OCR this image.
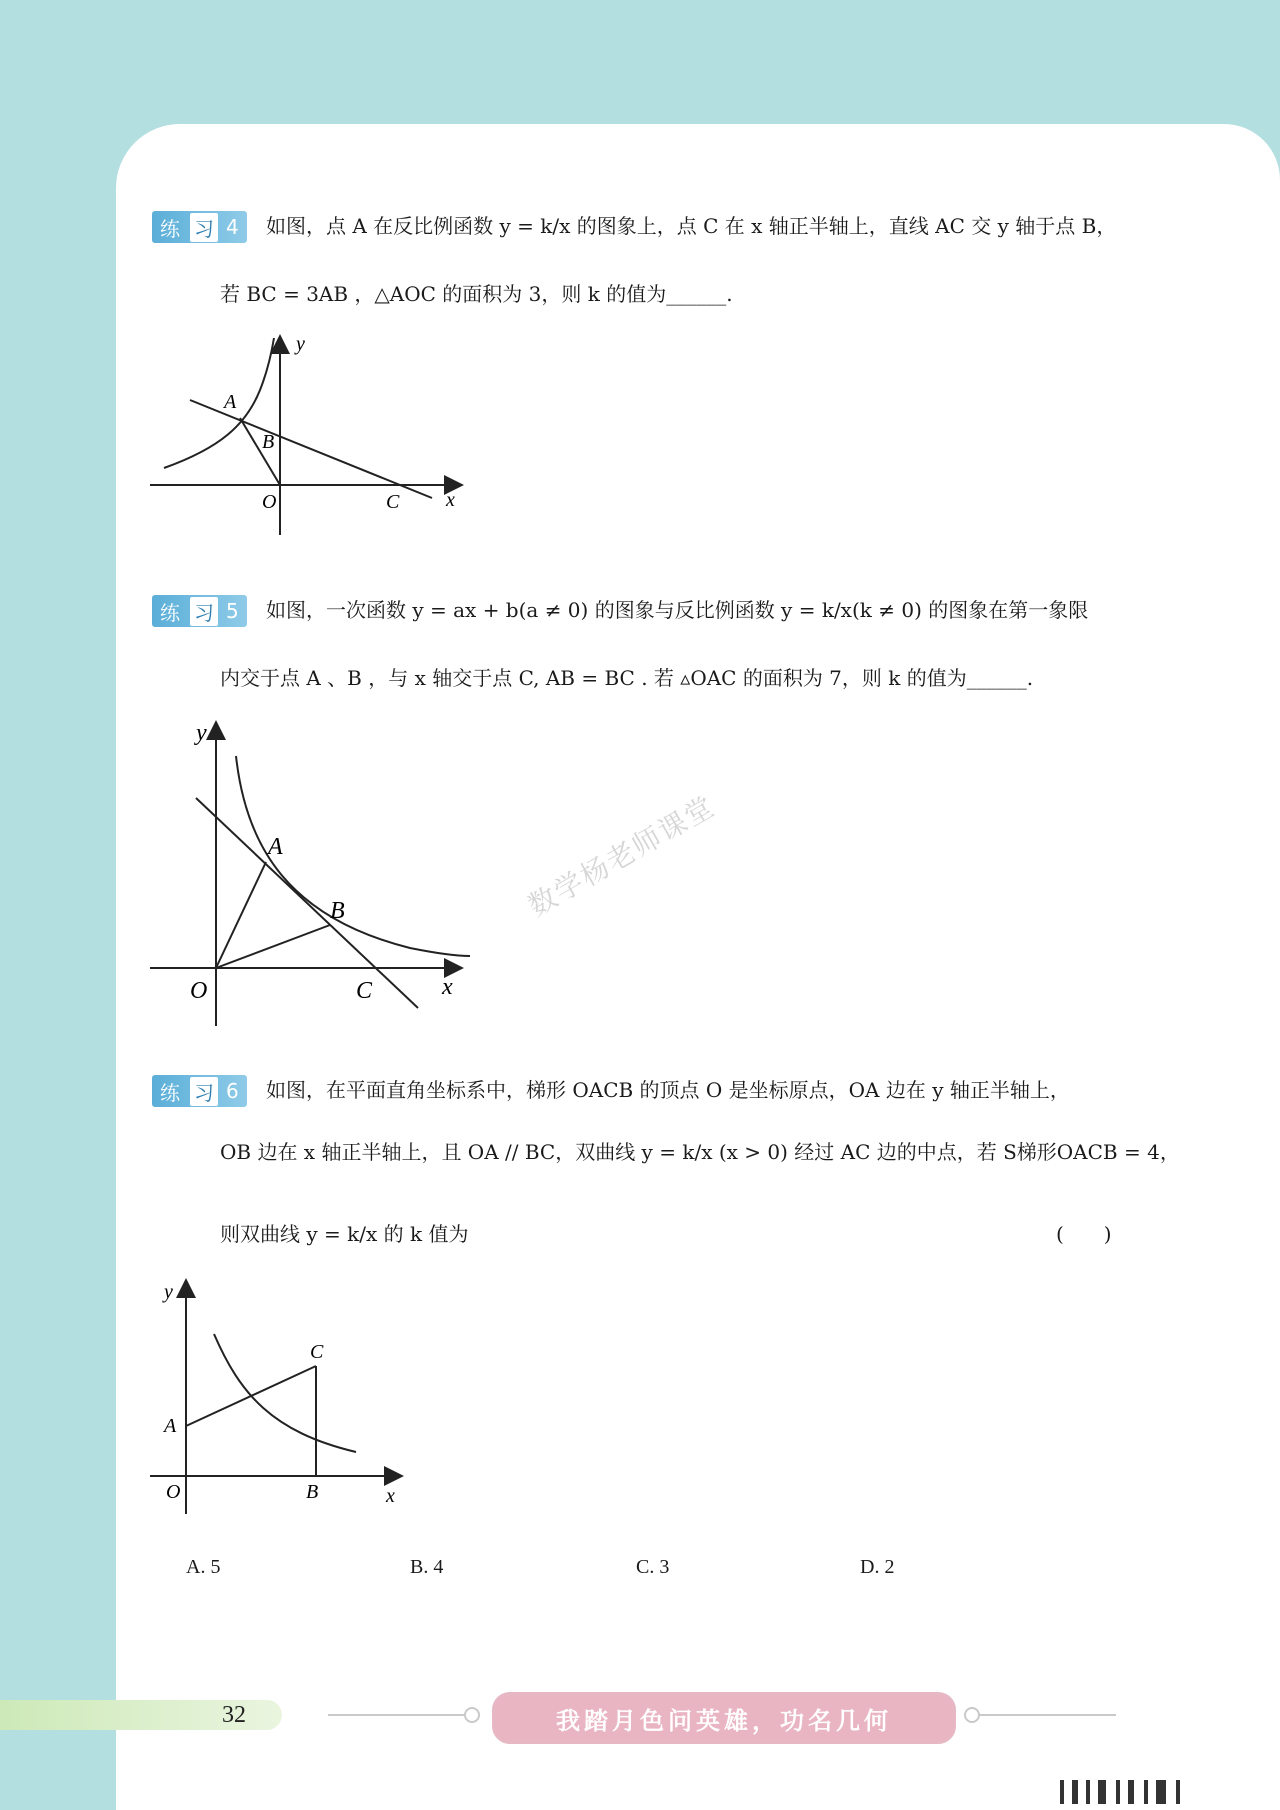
练 习 4	如图，点 A 在反比例函数 y = k/x 的图象上，点 C 在 x 轴正半轴上，直线 AC 交 y 轴于点 B，
若 BC = 3AB ，△AOC 的面积为 3，则 k 的值为______.
A
B
O	C
y
x
练 习 5	如图，一次函数 y = ax + b(a ≠ 0) 的图象与反比例函数 y = k/x(k ≠ 0) 的图象在第一象限
内交于点 A 、B ，与 x 轴交于点 C, AB = BC . 若 ▵OAC 的面积为 7，则 k 的值为______.
A
B
O	C
y
x
数学杨老师课堂
练 习 6	如图，在平面直角坐标系中，梯形 OACB 的顶点 O 是坐标原点，OA 边在 y 轴正半轴上，
OB 边在 x 轴正半轴上，且 OA // BC，双曲线 y = k/x (x > 0) 经过 AC 边的中点，若 S梯形OACB = 4，
则双曲线 y = k/x 的 k 值为	(　　)
A
C
O	B
y
x
A. 5	B. 4	C. 3	D. 2
32	我踏月色问英雄，功名几何
